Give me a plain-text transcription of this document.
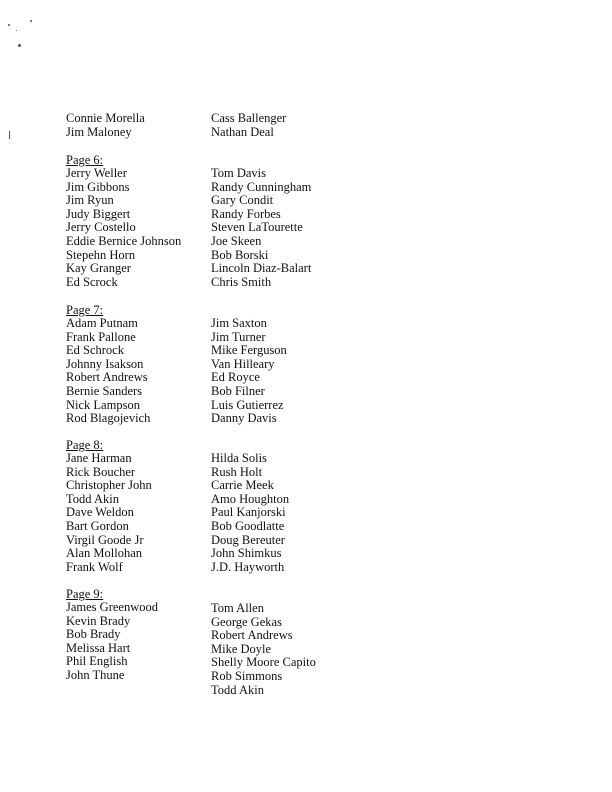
Connie Morella
Jim Maloney
Cass Ballenger
Nathan Deal
Page 6:
Jerry Weller
Jim Gibbons
Jim Ryun
Judy Biggert
Jerry Costello
Eddie Bernice Johnson
Stepehn Horn
Kay Granger
Ed Scrock
Tom Davis
Randy Cunningham
Gary Condit
Randy Forbes
Steven LaTourette
Joe Skeen
Bob Borski
Lincoln Diaz-Balart
Chris Smith
Page 7:
Adam Putnam
Frank Pallone
Ed Schrock
Johnny Isakson
Robert Andrews
Bernie Sanders
Nick Lampson
Rod Blagojevich
Jim Saxton
Jim Turner
Mike Ferguson
Van Hilleary
Ed Royce
Bob Filner
Luis Gutierrez
Danny Davis
Page 8:
Jane Harman
Rick Boucher
Christopher John
Todd Akin
Dave Weldon
Bart Gordon
Virgil Goode Jr
Alan Mollohan
Frank Wolf
Hilda Solis
Rush Holt
Carrie Meek
Amo Houghton
Paul Kanjorski
Bob Goodlatte
Doug Bereuter
John Shimkus
J.D. Hayworth
Page 9:
James Greenwood
Kevin Brady
Bob Brady
Melissa Hart
Phil English
John Thune
Tom Allen
George Gekas
Robert Andrews
Mike Doyle
Shelly Moore Capito
Rob Simmons
Todd Akin
